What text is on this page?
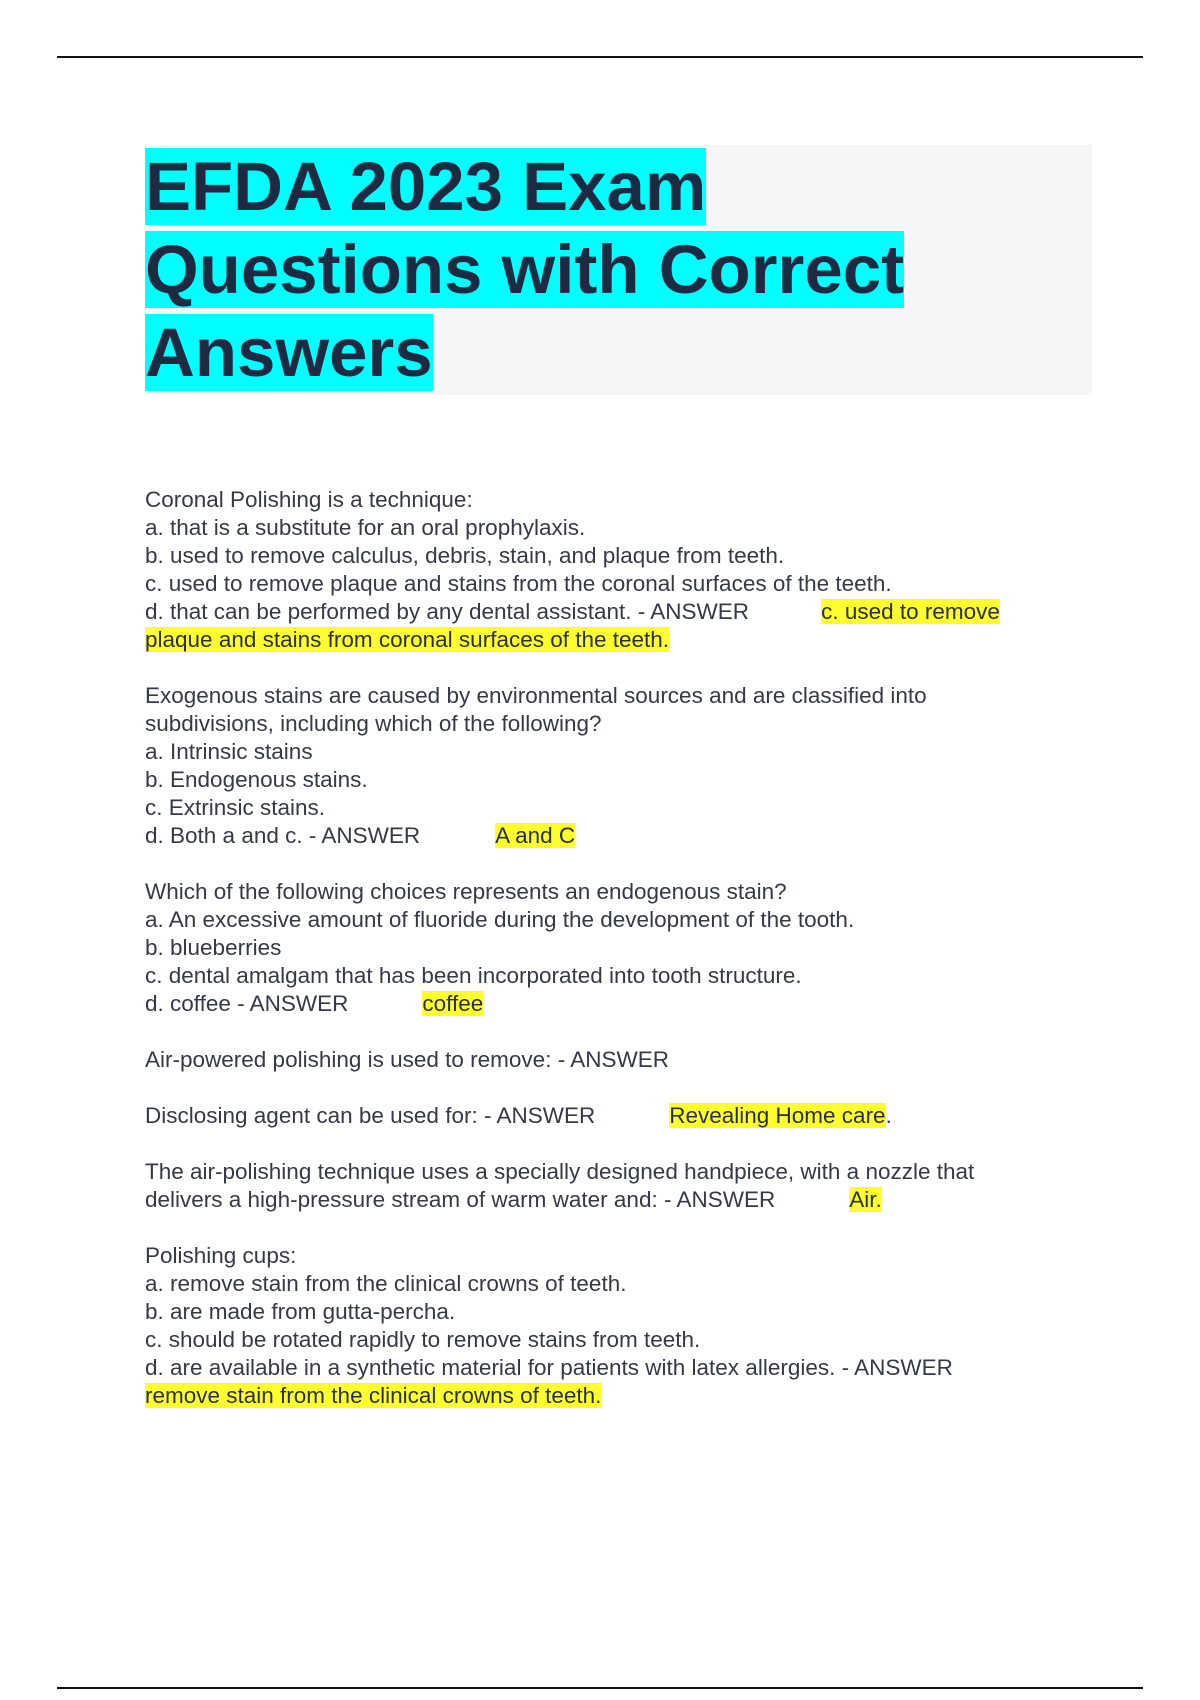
EFDA 2023 Exam
Questions with Correct
Answers
Coronal Polishing is a technique:
a. that is a substitute for an oral prophylaxis.
b. used to remove calculus, debris, stain, and plaque from teeth.
c. used to remove plaque and stains from the coronal surfaces of the teeth.
d. that can be performed by any dental assistant. - ANSWER	c. used to remove
plaque and stains from coronal surfaces of the teeth.
Exogenous stains are caused by environmental sources and are classified into
subdivisions, including which of the following?
a. Intrinsic stains
b. Endogenous stains.
c. Extrinsic stains.
d. Both a and c. - ANSWER	A and C
Which of the following choices represents an endogenous stain?
a. An excessive amount of fluoride during the development of the tooth.
b. blueberries
c. dental amalgam that has been incorporated into tooth structure.
d. coffee - ANSWER	coffee
Air-powered polishing is used to remove: - ANSWER
Disclosing agent can be used for: - ANSWER	Revealing Home care.
The air-polishing technique uses a specially designed handpiece, with a nozzle that
delivers a high-pressure stream of warm water and: - ANSWER	Air.
Polishing cups:
a. remove stain from the clinical crowns of teeth.
b. are made from gutta-percha.
c. should be rotated rapidly to remove stains from teeth.
d. are available in a synthetic material for patients with latex allergies. - ANSWER
remove stain from the clinical crowns of teeth.
